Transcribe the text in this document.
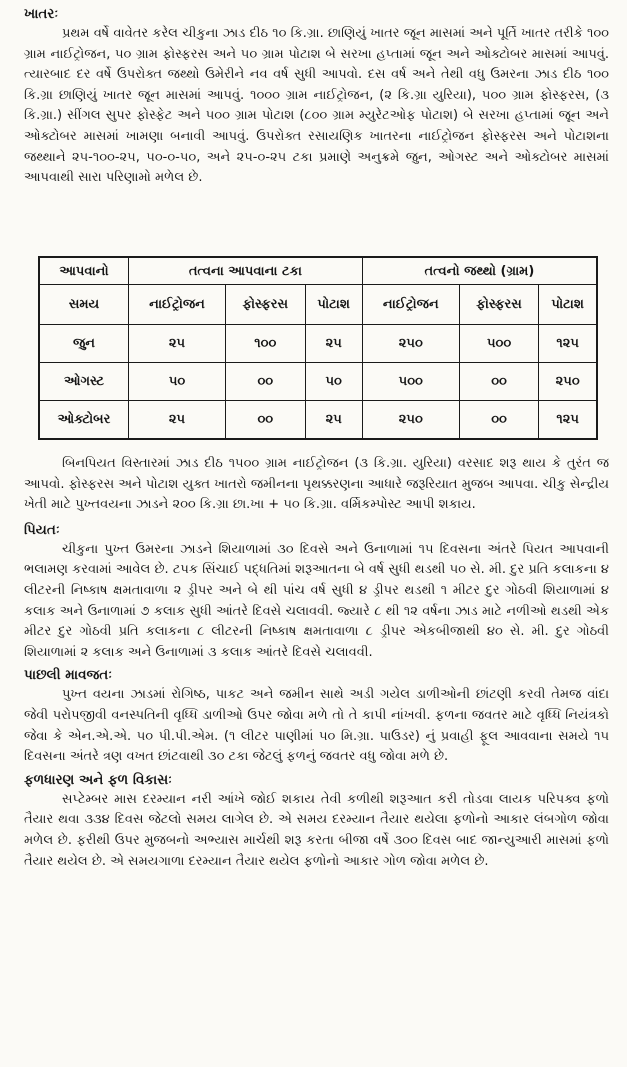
ખાતરઃ

પ્રથમ વર્ષે વાવેતર કરેલ ચીકુના ઝાડ દીઠ ૧૦ કિ.ગ્રા. છાણિયું ખાતર જૂન માસમાં અને પૂર્તિ ખાતર તરીકે ૧૦૦ ગ્રામ નાઈટ્રોજન, ૫૦ ગ્રામ ફોસ્ફરસ અને ૫૦ ગ્રામ પોટાશ બે સરખા હપ્તામાં જૂન અને ઓક્ટોબર માસમાં આપવું. ત્યારબાદ દર વર્ષે ઉપરોક્ત જથ્થો ઉમેરીને નવ વર્ષ સુધી આપવો. દસ વર્ષ અને તેથી વધુ ઉમરના ઝાડ દીઠ ૧૦૦ કિ.ગ્રા છાણિયું ખાતર જૂન માસમાં આપવું. ૧૦૦૦ ગ્રામ નાઈટ્રોજન, (૨ કિ.ગ્રા યુરિયા), ૫૦૦ ગ્રામ ફોસ્ફરસ, (૩ કિ.ગ્રા.) સીંગલ સુપર ફોસ્ફેટ અને ૫૦૦ ગ્રામ પોટાશ (૮૦૦ ગ્રામ મ્યુરેટઓફ પોટાશ) બે સરખા હપ્તામાં જૂન અને ઓક્ટોબર માસમાં ખામણા બનાવી આપવું. ઉપરોક્ત રસાયણિક ખાતરના નાઈટ્રોજન ફોસ્ફરસ અને પોટાશના જથ્થાને ૨૫-૧૦૦-૨૫, ૫૦-૦-૫૦, અને ૨૫-૦-૨૫ ટકા પ્રમાણે અનુક્રમે જુન, ઓગસ્ટ અને ઓક્ટોબર માસમાં આપવાથી સારા પરિણામો મળેલ છે.

આપવાનો	તત્વના આપવાના ટકા			તત્વનો જથ્થો (ગ્રામ)		
સમય	નાઈટ્રોજન	ફોસ્ફરસ	પોટાશ	નાઈટ્રોજન	ફોસ્ફરસ	પોટાશ
જુન	૨૫	૧૦૦	૨૫	૨૫૦	૫૦૦	૧૨૫
ઓગસ્ટ	૫૦	૦૦	૫૦	૫૦૦	૦૦	૨૫૦
ઓક્ટોબર	૨૫	૦૦	૨૫	૨૫૦	૦૦	૧૨૫

બિનપિયત વિસ્તારમાં ઝાડ દીઠ ૧૫૦૦ ગ્રામ નાઈટ્રોજન (૩ કિ.ગ્રા. યુરિયા) વરસાદ શરૂ થાય કે તુરંત જ આપવો. ફોસ્ફરસ અને પોટાશ યુક્ત ખાતરો જમીનના પૃથક્કરણના આધારે જરૂરિયાત મુજબ આપવા. ચીકુ સેન્દ્રીય ખેતી માટે પુખ્તવયના ઝાડને ૨૦૦ કિ.ગ્રા છા.ખા + ૫૦ કિ.ગ્રા. વર્મિકમ્પોસ્ટ આપી શકાય.

પિયતઃ

ચીકુના પુખ્ત ઉમરના ઝાડને શિયાળામાં ૩૦ દિવસે અને ઉનાળામાં ૧૫ દિવસના અંતરે પિયત આપવાની ભલામણ કરવામાં આવેલ છે. ટપક સિંચાઈ પદ્ધતિમાં શરૂઆતના બે વર્ષ સુધી થડથી ૫૦ સે. મી. દુર પ્રતિ કલાકના ૪ લીટરની નિષ્કાષ ક્ષમતાવાળા ૨ ડ્રીપર અને બે થી પાંચ વર્ષ સુધી ૪ ડ્રીપર થડથી ૧ મીટર દુર ગોઠવી શિયાળામાં ૪ કલાક અને ઉનાળામાં ૭ કલાક સુધી આંતરે દિવસે ચલાવવી. જ્યારે ૮ થી ૧૨ વર્ષના ઝાડ માટે નળીઓ થડથી એક મીટર દુર ગોઠવી પ્રતિ કલાકના ૮ લીટરની નિષ્કાષ ક્ષમતાવાળા ૮ ડ્રીપર એકબીજાથી ૪૦ સે. મી. દુર ગોઠવી શિયાળામાં ૨ કલાક અને ઉનાળામાં ૩ કલાક આંતરે દિવસે ચલાવવી.

પાછલી માવજતઃ

પુખ્ત વયના ઝાડમાં રોગિષ્ઠ, પાકટ અને જમીન સાથે અડી ગયેલ ડાળીઓની છાંટણી કરવી તેમજ વાંદા જેવી પરોપજીવી વનસ્પતિની વૃધ્ધિ ડાળીઓ ઉપર જોવા મળે તો તે કાપી નાંખવી. ફળના જવતર માટે વૃધ્ધિ નિયંત્રકો જેવા કે એન.એ.એ. ૫૦ પી.પી.એમ. (૧ લીટર પાણીમાં ૫૦ મિ.ગ્રા. પાઉડર) નું પ્રવાહી ફૂલ આવવાના સમયે ૧૫ દિવસના અંતરે ત્રણ વખત છાંટવાથી ૩૦ ટકા જેટલું ફળનું જવતર વધુ જોવા મળે છે.

ફળધારણ અને ફળ વિકાસઃ

સપ્ટેમ્બર માસ દરમ્યાન નરી આંખે જોઈ શકાય તેવી કળીથી શરૂઆત કરી તોડવા લાયક પરિપક્વ ફળો તૈયાર થવા ૩૩૪ દિવસ જેટલો સમય લાગેલ છે. એ સમય દરમ્યાન તૈયાર થયેલા ફળોનો આકાર લંબગોળ જોવા મળેલ છે. ફરીથી ઉપર મુજબનો અભ્યાસ માર્ચથી શરૂ કરતા બીજા વર્ષે ૩૦૦ દિવસ બાદ જાન્યુઆરી માસમાં ફળો તૈયાર થયેલ છે. એ સમયગાળા દરમ્યાન તૈયાર થયેલ ફળોનો આકાર ગોળ જોવા મળેલ છે.
